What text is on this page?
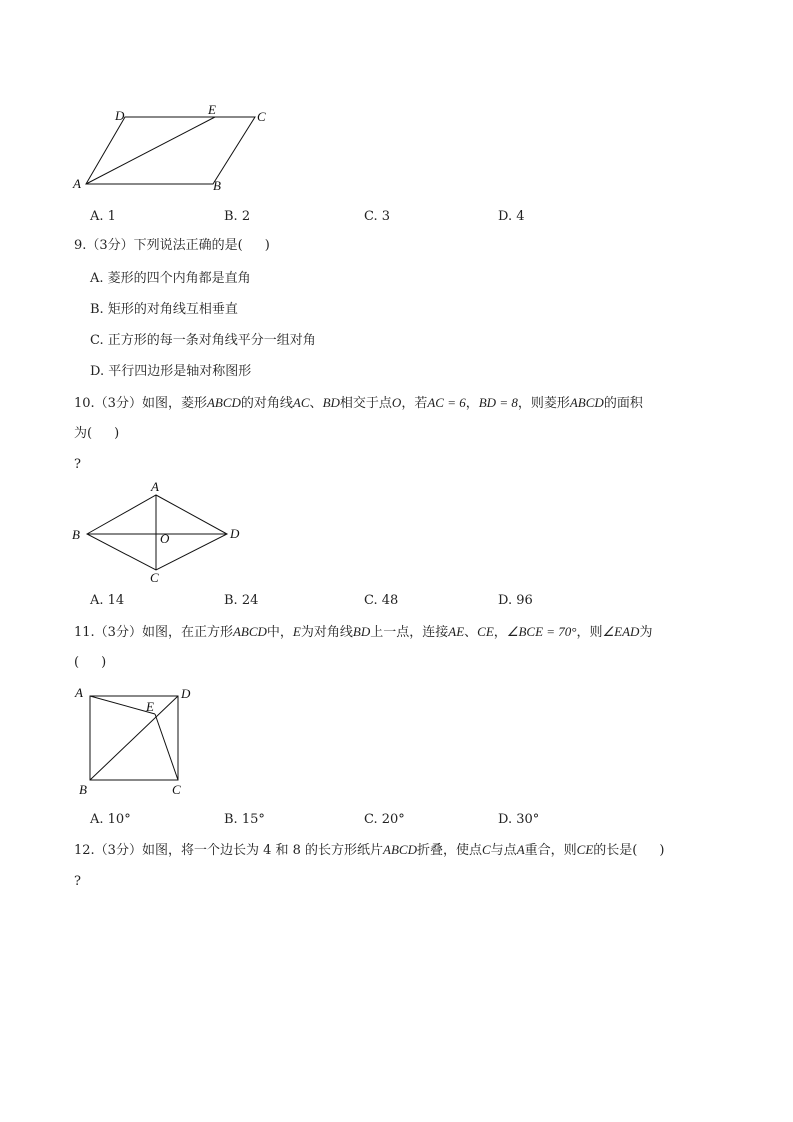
D	E	C
A	B
A. 1	B. 2	C. 3	D. 4
9.（3分）下列说法正确的是( )
A. 菱形的四个内角都是直角
B. 矩形的对角线互相垂直
C. 正方形的每一条对角线平分一组对角
D. 平行四边形是轴对称图形
10.（3分）如图，菱形ABCD的对角线AC、BD相交于点O，若AC = 6，BD = 8，则菱形ABCD的面积
为( )
?
A
B	O	D
C
A. 14	B. 24	C. 48	D. 96
11.（3分）如图，在正方形ABCD中，E为对角线BD上一点，连接AE、CE，∠BCE = 70°，则∠EAD为
( )
A	D
E
B	C
A. 10°	B. 15°	C. 20°	D. 30°
12.（3分）如图，将一个边长为 4 和 8 的长方形纸片ABCD折叠，使点C与点A重合，则CE的长是( )
?
